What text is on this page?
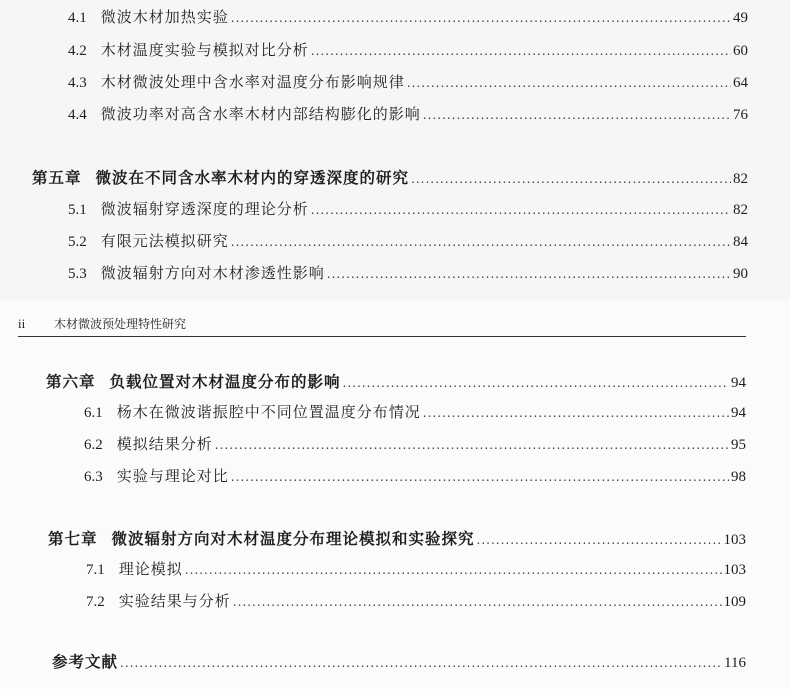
4.1 微波木材加热实验 .....	49
4.2 木材温度实验与模拟对比分析 .....	60
4.3 木材微波处理中含水率对温度分布影响规律 .....	64
4.4 微波功率对高含水率木材内部结构膨化的影响 .....	76
第五章 微波在不同含水率木材内的穿透深度的研究 .....	82
5.1 微波辐射穿透深度的理论分析 .....	82
5.2 有限元法模拟研究 .....	84
5.3 微波辐射方向对木材渗透性影响 .....	90
ii	木材微波预处理特性研究
第六章 负载位置对木材温度分布的影响 .....	94
6.1 杨木在微波谐振腔中不同位置温度分布情况 .....	94
6.2 模拟结果分析 .....	95
6.3 实验与理论对比 .....	98
第七章 微波辐射方向对木材温度分布理论模拟和实验探究 .....	103
7.1 理论模拟 .....	103
7.2 实验结果与分析 .....	109
参考文献 .....	116
